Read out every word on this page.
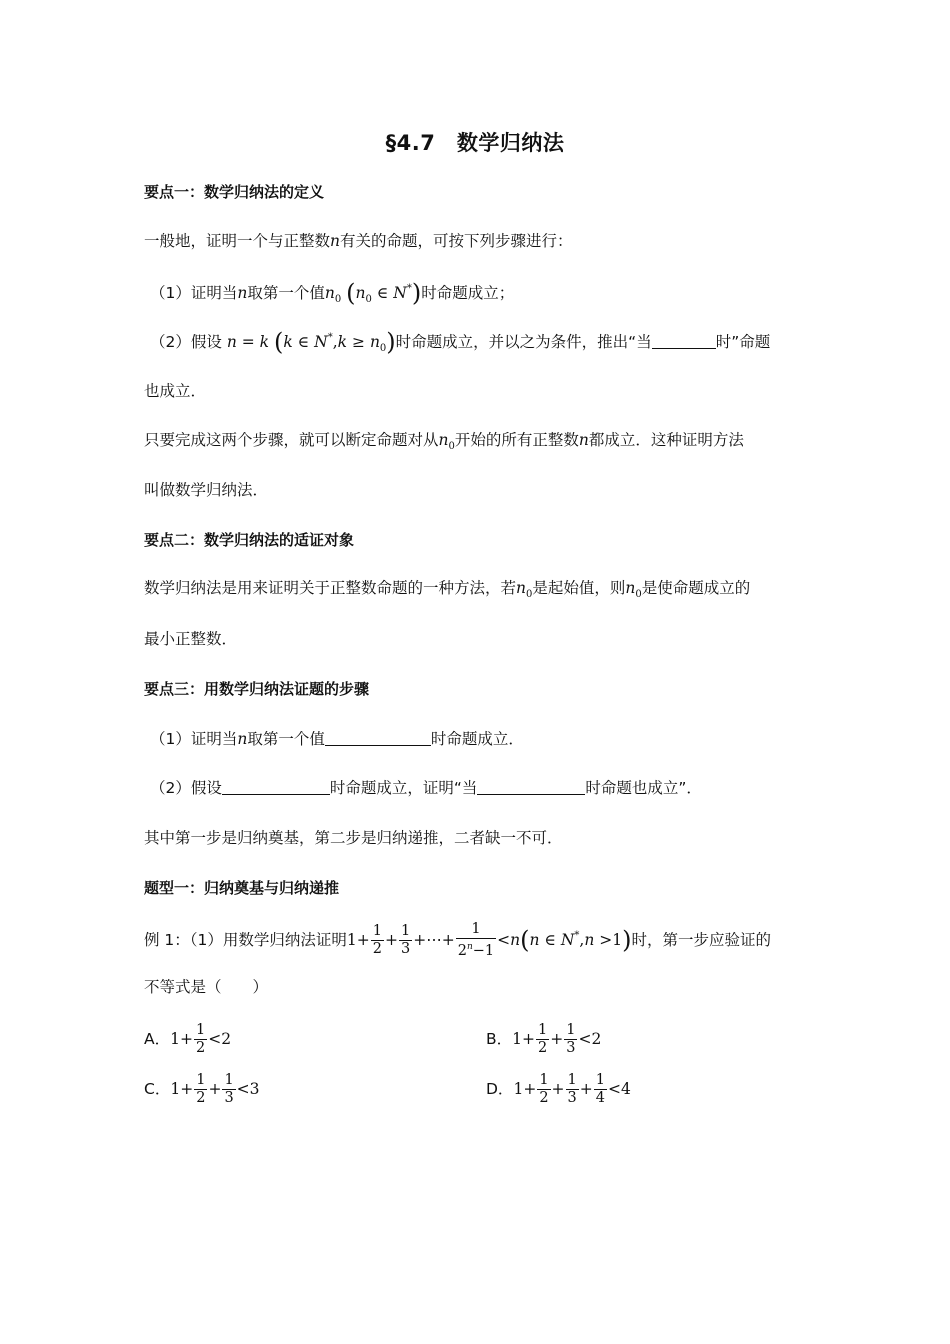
§4.7　数学归纳法
要点一：数学归纳法的定义
一般地，证明一个与正整数n有关的命题，可按下列步骤进行：
（1）证明当n取第一个值$n_0$ ($n_0$ ∈ N*)时命题成立；
（2）假设 n = k (k ∈ $N^*,k \ge n_0$)时命题成立，并以之为条件，推出“当	时”命题
也成立．
只要完成这两个步骤，就可以断定命题对从$n_0$开始的所有正整数n都成立．这种证明方法
叫做数学归纳法．
要点二：数学归纳法的适证对象
数学归纳法是用来证明关于正整数命题的一种方法，若$n_0$是起始值，则$n_0$是使命题成立的
最小正整数．
要点三：用数学归纳法证题的步骤
（1）证明当n取第一个值	时命题成立．
（2）假设	时命题成立，证明“当	时命题也成立”．
其中第一步是归纳奠基，第二步是归纳递推，二者缺一不可．
题型一：归纳奠基与归纳递推
例 1：（1）用数学归纳法证明$1+ \frac{1}{2} + \frac{1}{3}$ +⋯+ $\frac{1}{2^n-1} <n(n$ ∈ N*,n >1)时，第一步应验证的
不等式是（　　）
A．$1+ \frac{1}{2} <2$	B．$1+ \frac{1}{2} + \frac{1}{3} <2$
C．$1+ \frac{1}{2} + \frac{1}{3} <3$	D．$1+ \frac{1}{2} + \frac{1}{3} + \frac{1}{4} <4$
